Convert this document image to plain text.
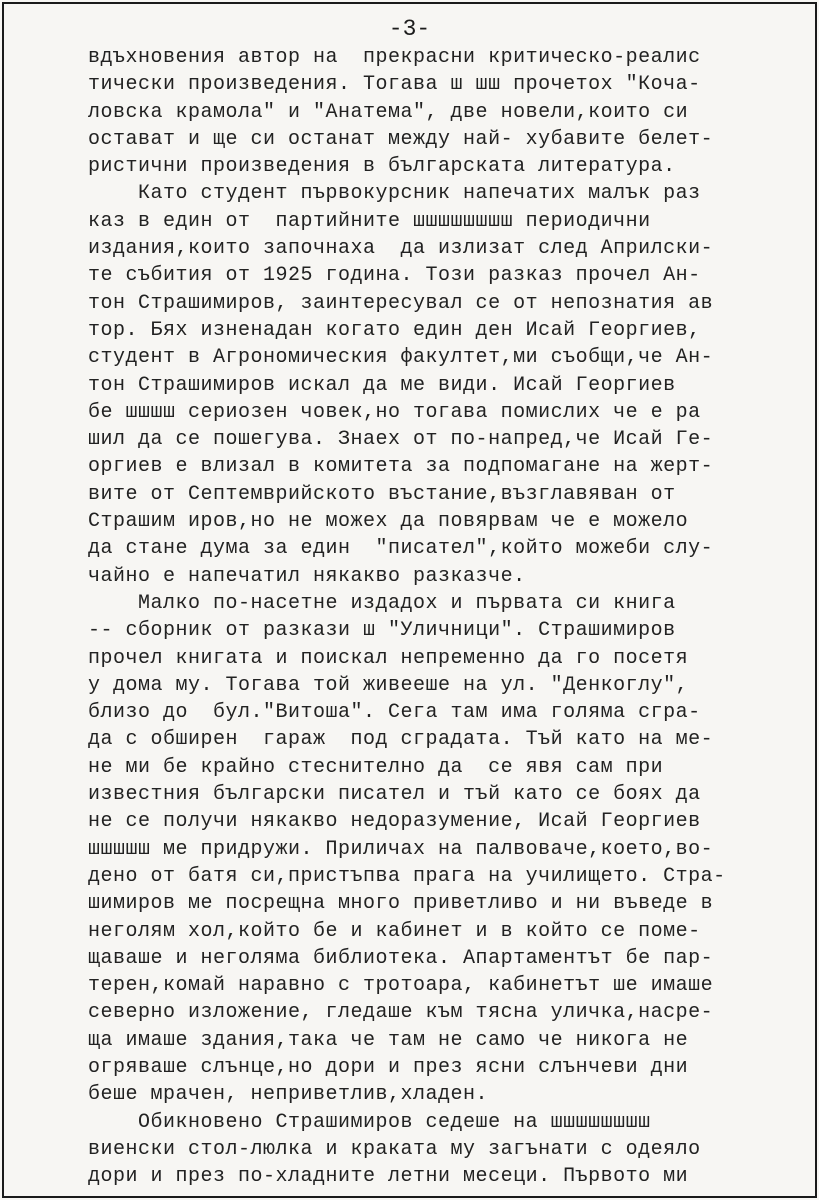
-3-
вдъхновения автор на  прекрасни критическо-реалис
тически произведения. Тогава ш шш прочетох "Кочa-
ловска крамола" и "Анатема", две новели,които си
остават и ще си останат между най- хубавите белет-
ристични произведения в българската литература.
Като студент първокурсник напечатих малък раз
каз в един от  партийните шшшшшшшш периодични
издания,които започнаха  да излизат след Априлски-
те събития от 1925 година. Този разказ прочел Ан-
тон Страшимиров, заинтересувал се от непознатия ав
тор. Бях изненадан когато един ден Исай Георгиев,
студент в Агрономическия факултет,ми съобщи,че Ан-
тон Страшимиров искал да ме види. Исай Георгиев
бе шшшш сериозен човек,но тогава помислих че е ра
шил да се пошегува. Знаех от по-напред,че Исай Ге-
оргиев е влизал в комитета за подпомагане на жерт-
вите от Септемврийското въстание,възглавяван от
Страшим иров,но не можех да повярвам че е можело
да стане дума за един  "писател",който можеби слу-
чайно е напечатил някакво разказче.
Малко по-насетне издадох и първата си книга
-- сборник от разкази ш "Уличници". Страшимиров
прочел книгата и поискал непременно да го посетя
у дома му. Тогава той живееше на ул. "Денкоглу",
близо до  бул."Витоша". Сега там има голяма сгра-
да с обширен  гараж  под сградата. Тъй като на ме-
не ми бе крайно стеснително да  се явя сам при
известния български писател и тъй като се боях да
не се получи някакво недоразумение, Исай Георгиев
шшшшш ме придружи. Приличах на палвоваче,което,во-
дено от батя си,пристъпва прага на училището. Стра-
шимиров ме посрещна много приветливо и ни въведе в
неголям хол,който бе и кабинет и в който се поме-
щаваше и неголяма библиотека. Апартаментът бе пар-
терен,комай наравно с тротоара, кабинетът ше имаше
северно изложение, гледаше към тясна уличка,насре-
ща имаше здания,така че там не само че никога не
огряваше слънце,но дори и през ясни слънчеви дни
беше мрачен, неприветлив,хладен.
Обикновено Страшимиров седеше на шшшшшшшш
виенски стол-люлка и краката му загънати с одеяло
дори и през по-хладните летни месеци. Първото ми
